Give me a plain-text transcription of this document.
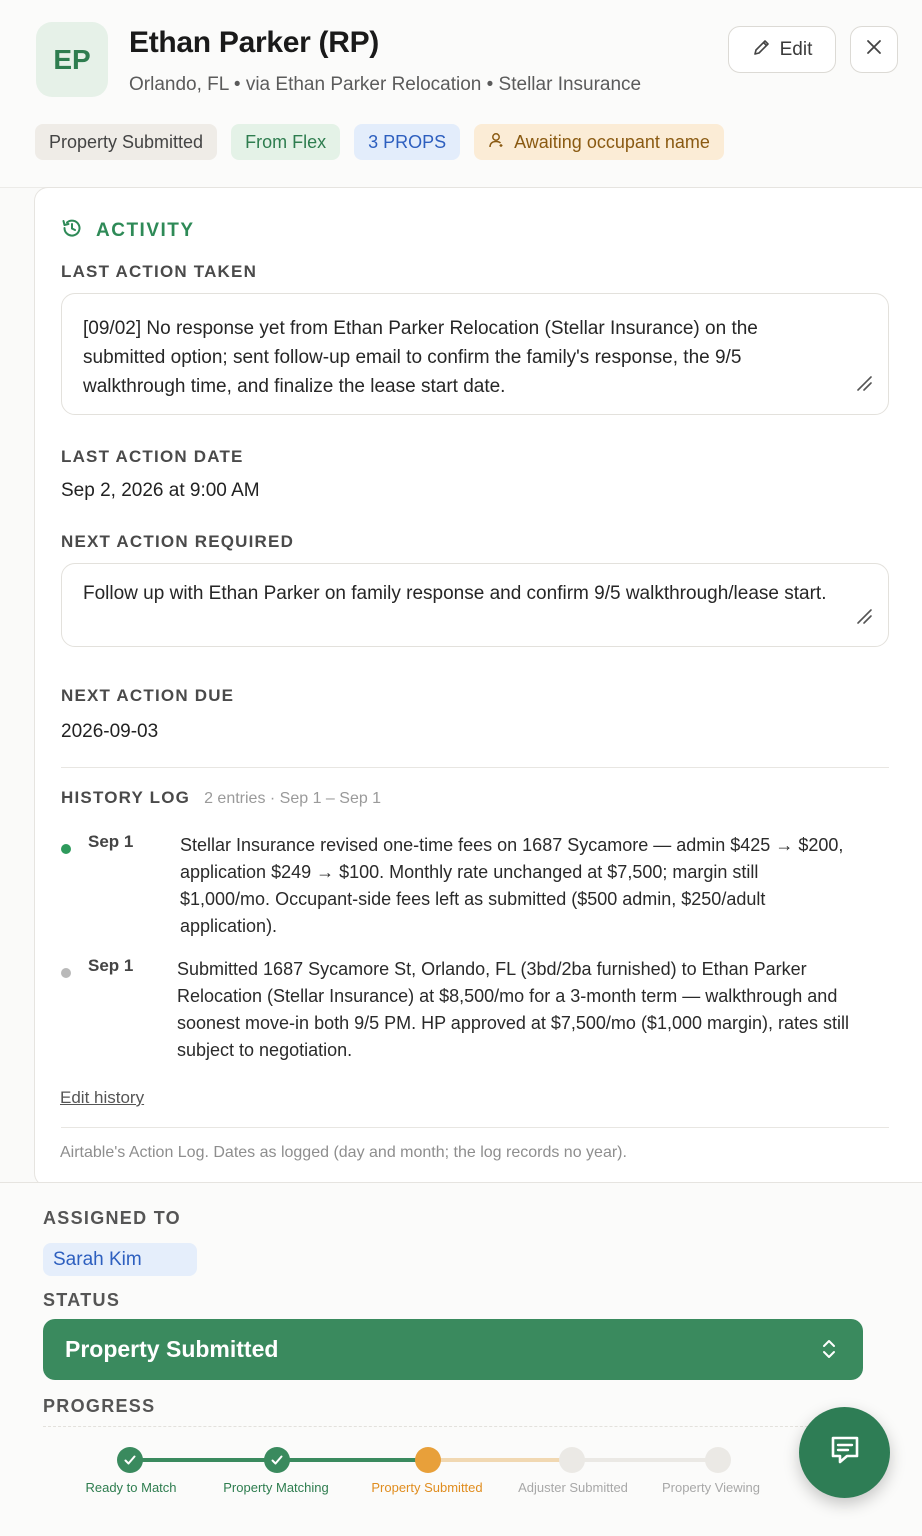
EP	Ethan Parker (RP)
Orlando, FL • via Ethan Parker Relocation • Stellar Insurance
Edit
Property Submitted From Flex 3 PROPS	Awaiting occupant name
ACTIVITY
LAST ACTION TAKEN
[09/02] No response yet from Ethan Parker Relocation (Stellar Insurance) on the submitted option; sent follow-up email to confirm the family's response, the 9/5 walkthrough time, and finalize the lease start date.
LAST ACTION DATE
Sep 2, 2026 at 9:00 AM
NEXT ACTION REQUIRED
Follow up with Ethan Parker on family response and confirm 9/5 walkthrough/lease start.
NEXT ACTION DUE
2026-09-03
HISTORY LOG 2 entries · Sep 1 – Sep 1
Sep 1	Stellar Insurance revised one-time fees on 1687 Sycamore — admin $425 → $200, application $249 → $100. Monthly rate unchanged at $7,500; margin still $1,000/mo. Occupant-side fees left as submitted ($500 admin, $250/adult application).
Sep 1 Submitted 1687 Sycamore St, Orlando, FL (3bd/2ba furnished) to Ethan Parker Relocation (Stellar Insurance) at $8,500/mo for a 3-month term — walkthrough and soonest move-in both 9/5 PM. HP approved at $7,500/mo ($1,000 margin), rates still subject to negotiation.
Edit history
Airtable's Action Log. Dates as logged (day and month; the log records no year).
ASSIGNED TO
Sarah Kim
STATUS
Property Submitted
PROGRESS
Ready to Match	Property Matching	Property Submitted	Adjuster Submitted	Property Viewing
